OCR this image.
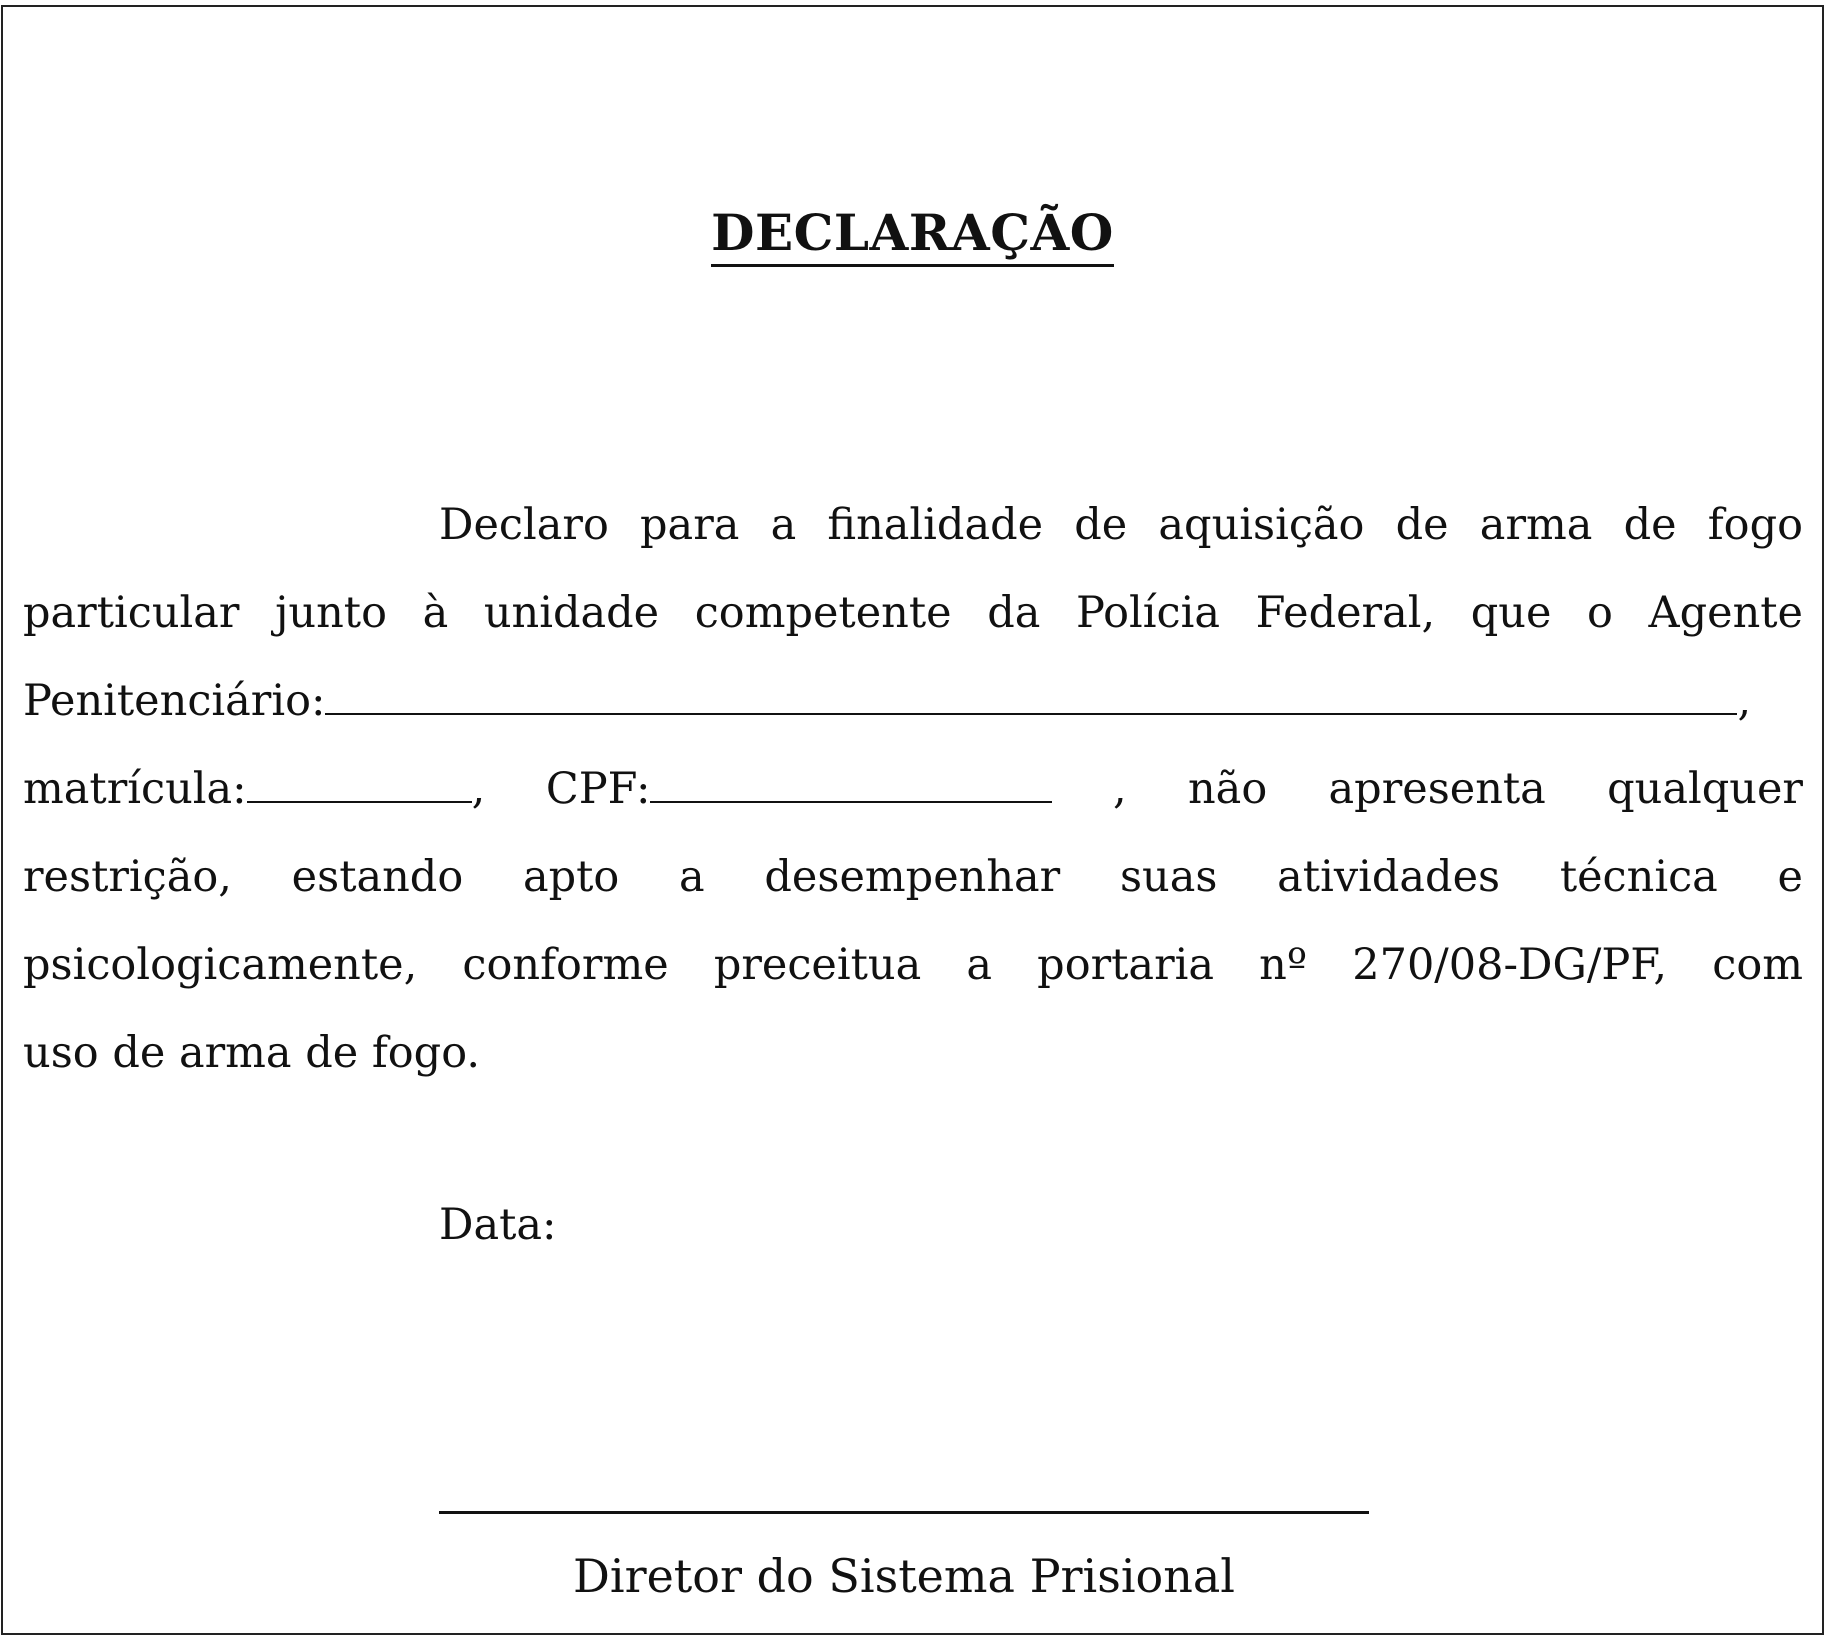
DECLARAÇÃO
Declaro para a finalidade de aquisição de arma de fogo
particular junto à unidade competente da Polícia Federal, que o Agente
Penitenciário:	,
matrícula:	, CPF:	, não apresenta qualquer
restrição, estando apto a desempenhar suas atividades técnica e
psicologicamente, conforme preceitua a portaria nº 270/08-DG/PF, com
uso de arma de fogo.
Data:
Diretor do Sistema Prisional
